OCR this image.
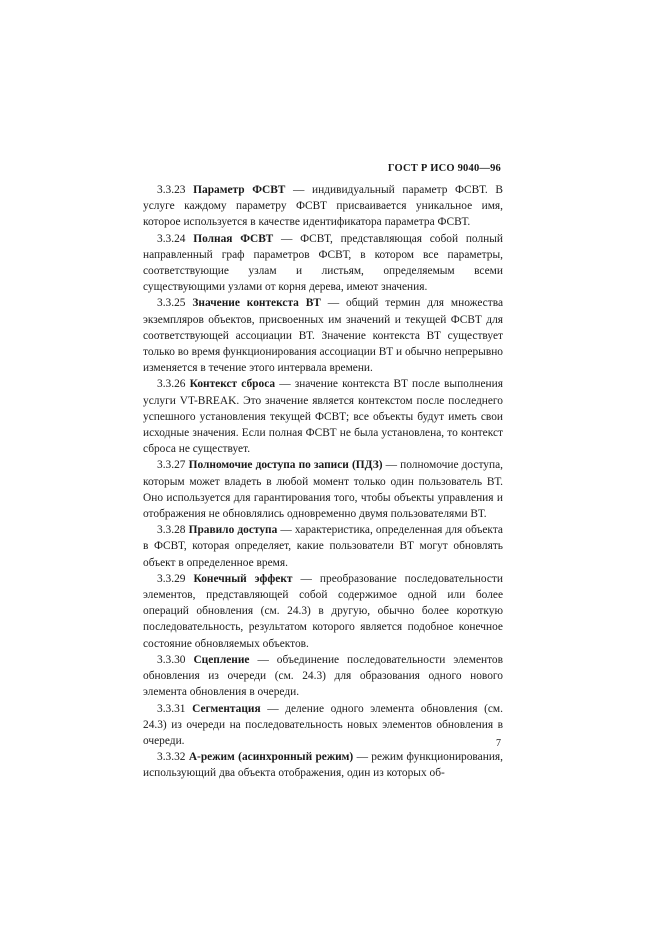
ГОСТ Р ИСО 9040—96

3.3.23 Параметр ФСВТ — индивидуальный параметр ФСВТ. В услуге каждому параметру ФСВТ присваивается уникальное имя, которое используется в качестве идентификатора параметра ФСВТ.

3.3.24 Полная ФСВТ — ФСВТ, представляющая собой полный направленный граф параметров ФСВТ, в котором все параметры, соответствующие узлам и листьям, определяемым всеми существующими узлами от корня дерева, имеют значения.

3.3.25 Значение контекста ВТ — общий термин для множества экземпляров объектов, присвоенных им значений и текущей ФСВТ для соответствующей ассоциации ВТ. Значение контекста ВТ существует только во время функционирования ассоциации ВТ и обычно непрерывно изменяется в течение этого интервала времени.

3.3.26 Контекст сброса — значение контекста ВТ после выполнения услуги VT-BREAK. Это значение является контекстом после последнего успешного установления текущей ФСВТ; все объекты будут иметь свои исходные значения. Если полная ФСВТ не была установлена, то контекст сброса не существует.

3.3.27 Полномочие доступа по записи (ПДЗ) — полномочие доступа, которым может владеть в любой момент только один пользователь ВТ. Оно используется для гарантирования того, чтобы объекты управления и отображения не обновлялись одновременно двумя пользователями ВТ.

3.3.28 Правило доступа — характеристика, определенная для объекта в ФСВТ, которая определяет, какие пользователи ВТ могут обновлять объект в определенное время.

3.3.29 Конечный эффект — преобразование последовательности элементов, представляющей собой содержимое одной или более операций обновления (см. 24.3) в другую, обычно более короткую последовательность, результатом которого является подобное конечное состояние обновляемых объектов.

3.3.30 Сцепление — объединение последовательности элементов обновления из очереди (см. 24.3) для образования одного нового элемента обновления в очереди.

3.3.31 Сегментация — деление одного элемента обновления (см. 24.3) из очереди на последовательность новых элементов обновления в очереди.

3.3.32 А-режим (асинхронный режим) — режим функционирования, использующий два объекта отображения, один из которых об-

7
